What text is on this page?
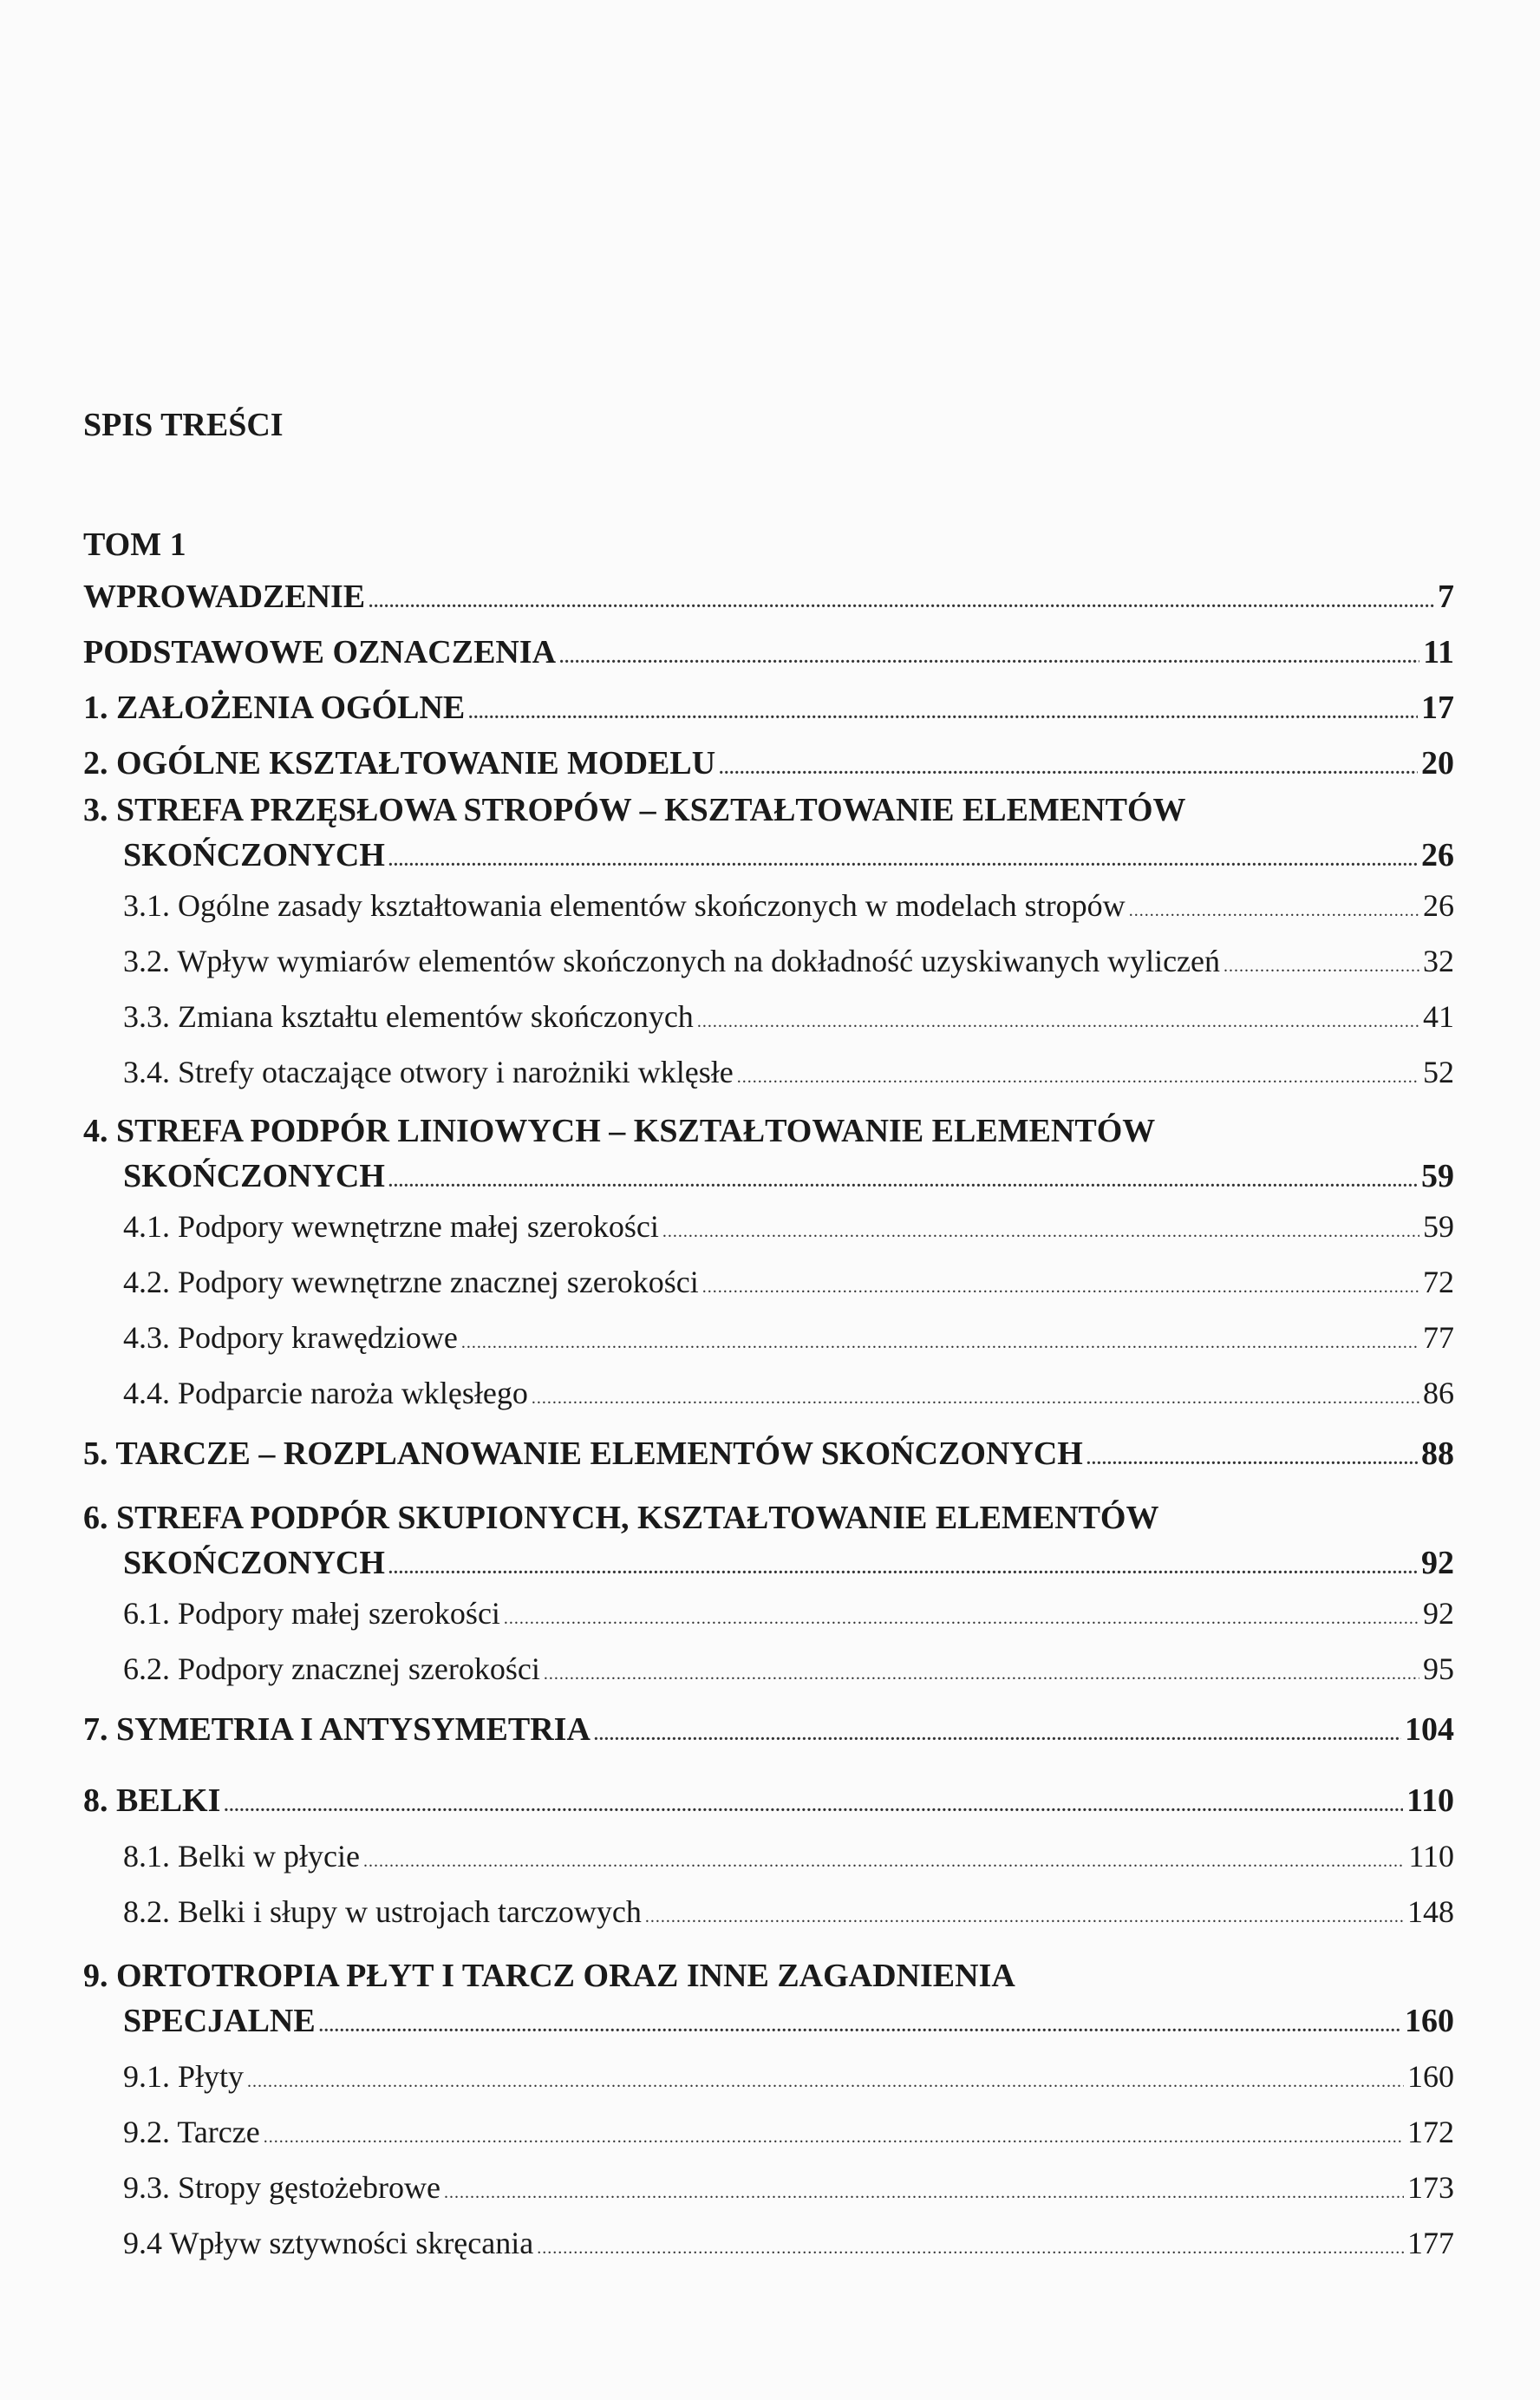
SPIS TREŚCI
TOM 1
WPROWADZENIE . . .	7
PODSTAWOWE OZNACZENIA . . .	11
1. ZAŁOŻENIA OGÓLNE . . .	17
2. OGÓLNE KSZTAŁTOWANIE MODELU . . .	20
3. STREFA PRZĘSŁOWA STROPÓW – KSZTAŁTOWANIE ELEMENTÓW
SKOŃCZONYCH . . .	26
3.1. Ogólne zasady kształtowania elementów skończonych w modelach stropów . . .	26
3.2. Wpływ wymiarów elementów skończonych na dokładność uzyskiwanych wyliczeń . . .	32
3.3. Zmiana kształtu elementów skończonych . . .	41
3.4. Strefy otaczające otwory i narożniki wklęsłe . . .	52
4. STREFA PODPÓR LINIOWYCH – KSZTAŁTOWANIE ELEMENTÓW
SKOŃCZONYCH . . .	59
4.1. Podpory wewnętrzne małej szerokości . . .	59
4.2. Podpory wewnętrzne znacznej szerokości . . .	72
4.3. Podpory krawędziowe . . .	77
4.4. Podparcie naroża wklęsłego . . .	86
5. TARCZE – ROZPLANOWANIE ELEMENTÓW SKOŃCZONYCH . . .	88
6. STREFA PODPÓR SKUPIONYCH, KSZTAŁTOWANIE ELEMENTÓW
SKOŃCZONYCH . . .	92
6.1. Podpory małej szerokości . . .	92
6.2. Podpory znacznej szerokości . . .	95
7. SYMETRIA I ANTYSYMETRIA . . .	104
8. BELKI . . .	110
8.1. Belki w płycie . . .	110
8.2. Belki i słupy w ustrojach tarczowych . . .	148
9. ORTOTROPIA PŁYT I TARCZ ORAZ INNE ZAGADNIENIA
SPECJALNE . . .	160
9.1. Płyty . . .	160
9.2. Tarcze . . .	172
9.3. Stropy gęstożebrowe . . .	173
9.4 Wpływ sztywności skręcania . . .	177
